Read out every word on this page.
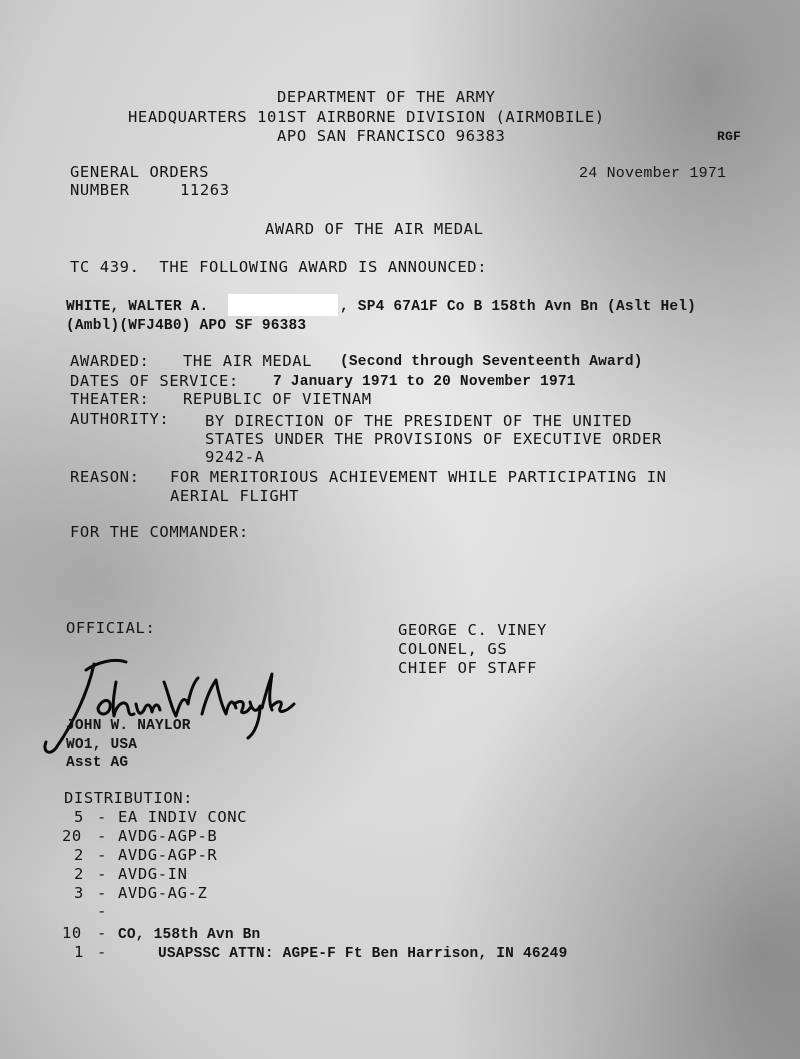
DEPARTMENT OF THE ARMY
HEADQUARTERS 101ST AIRBORNE DIVISION (AIRMOBILE)
APO SAN FRANCISCO 96383	RGF
GENERAL ORDERS
NUMBER	11263
24 November 1971
AWARD OF THE AIR MEDAL
TC 439.  THE FOLLOWING AWARD IS ANNOUNCED:
WHITE, WALTER A.	, SP4 67A1F Co B 158th Avn Bn (Aslt Hel)
(Ambl)(WFJ4B0) APO SF 96383
AWARDED: THE AIR MEDAL (Second through Seventeenth Award)
DATES OF SERVICE: 7 January 1971 to 20 November 1971
THEATER: REPUBLIC OF VIETNAM
AUTHORITY: BY DIRECTION OF THE PRESIDENT OF THE UNITED
STATES UNDER THE PROVISIONS OF EXECUTIVE ORDER
9242-A
REASON: FOR MERITORIOUS ACHIEVEMENT WHILE PARTICIPATING IN
AERIAL FLIGHT
FOR THE COMMANDER:
OFFICIAL:	GEORGE C. VINEY
COLONEL, GS
CHIEF OF STAFF
JOHN W. NAYLOR
WO1, USA
Asst AG
DISTRIBUTION:
5 - EA INDIV CONC
20 - AVDG-AGP-B
2 - AVDG-AGP-R
2 - AVDG-IN
3 - AVDG-AG-Z
-
10 - CO, 158th Avn Bn
1 -	USAPSSC ATTN: AGPE-F Ft Ben Harrison, IN 46249
